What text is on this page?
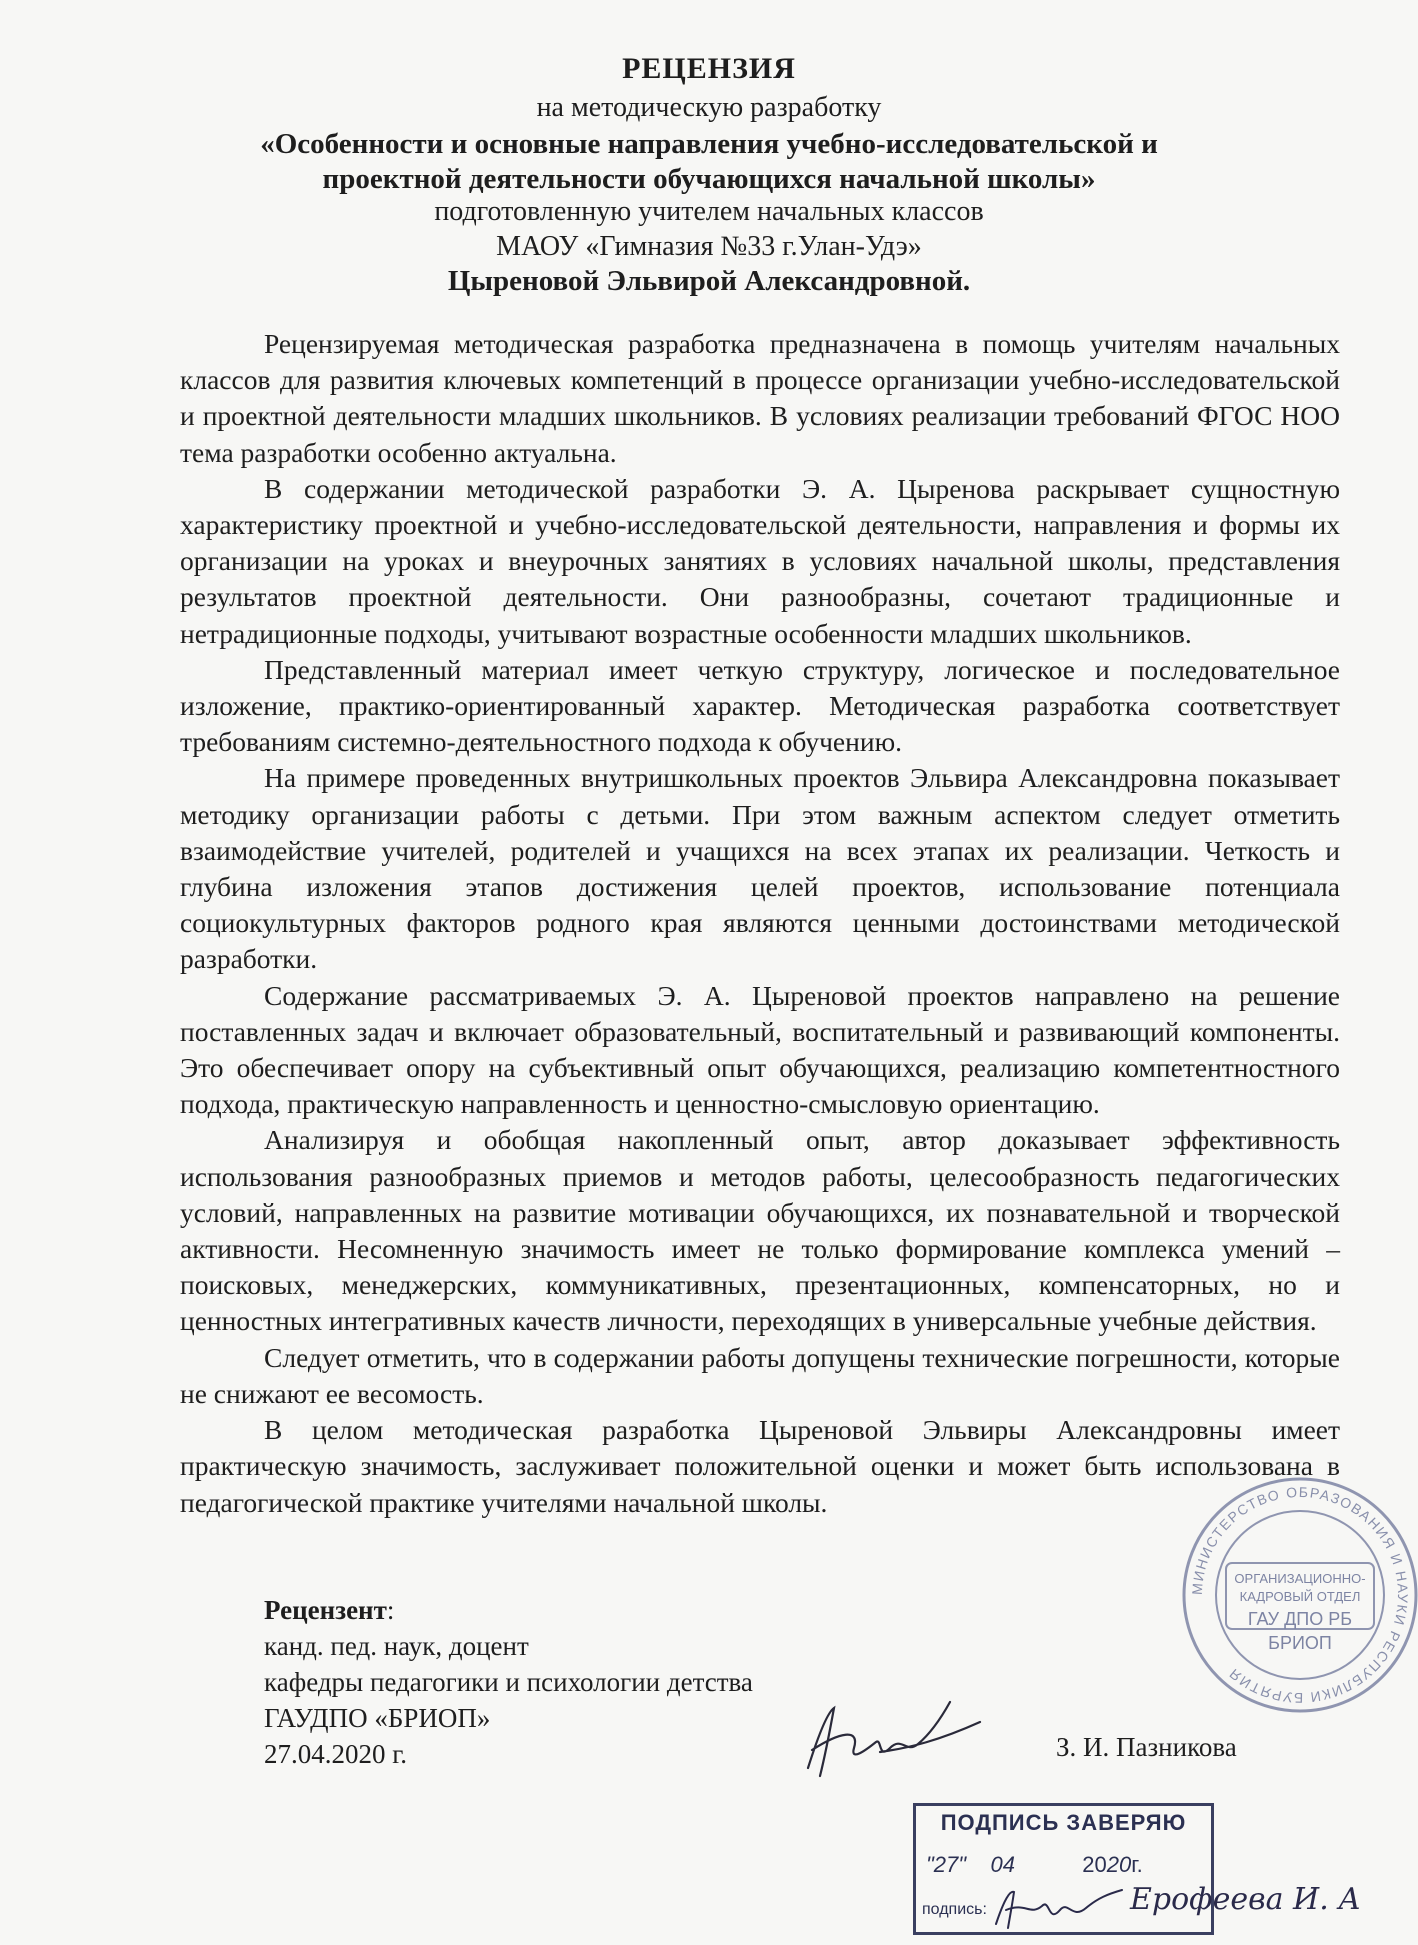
РЕЦЕНЗИЯ
на методическую разработку
«Особенности и основные направления учебно-исследовательской и
проектной деятельности обучающихся начальной школы»
подготовленную учителем начальных классов
МАОУ «Гимназия №33 г.Улан-Удэ»
Цыреновой Эльвирой Александровной.

Рецензируемая методическая разработка предназначена в помощь учителям начальных классов для развития ключевых компетенций в процессе организации учебно-исследовательской и проектной деятельности младших школьников. В условиях реализации требований ФГОС НОО тема разработки особенно актуальна.

В содержании методической разработки Э. А. Цыренова раскрывает сущностную характеристику проектной и учебно-исследовательской деятельности, направления и формы их организации на уроках и внеурочных занятиях в условиях начальной школы, представления результатов проектной деятельности. Они разнообразны, сочетают традиционные и нетрадиционные подходы, учитывают возрастные особенности младших школьников.

Представленный материал имеет четкую структуру, логическое и последовательное изложение, практико-ориентированный характер. Методическая разработка соответствует требованиям системно-деятельностного подхода к обучению.

На примере проведенных внутришкольных проектов Эльвира Александровна показывает методику организации работы с детьми. При этом важным аспектом следует отметить взаимодействие учителей, родителей и учащихся на всех этапах их реализации. Четкость и глубина изложения этапов достижения целей проектов, использование потенциала социокультурных факторов родного края являются ценными достоинствами методической разработки.

Содержание рассматриваемых Э. А. Цыреновой проектов направлено на решение поставленных задач и включает образовательный, воспитательный и развивающий компоненты. Это обеспечивает опору на субъективный опыт обучающихся, реализацию компетентностного подхода, практическую направленность и ценностно-смысловую ориентацию.

Анализируя и обобщая накопленный опыт, автор доказывает эффективность использования разнообразных приемов и методов работы, целесообразность педагогических условий, направленных на развитие мотивации обучающихся, их познавательной и творческой активности. Несомненную значимость имеет не только формирование комплекса умений – поисковых, менеджерских, коммуникативных, презентационных, компенсаторных, но и ценностных интегративных качеств личности, переходящих в универсальные учебные действия.

Следует отметить, что в содержании работы допущены технические погрешности, которые не снижают ее весомость.

В целом методическая разработка Цыреновой Эльвиры Александровны имеет практическую значимость, заслуживает положительной оценки и может быть использована в педагогической практике учителями начальной школы.

Рецензент:
канд. пед. наук, доцент
кафедры педагогики и психологии детства
ГАУДПО «БРИОП»
27.04.2020 г.	З. И. Пазникова
МИНИСТЕРСТВО ОБРАЗОВАНИЯ И НАУКИ РЕСПУБЛИКИ БУРЯТИЯ
ОРГАНИЗАЦИОННО-
КАДРОВЫЙ ОТДЕЛ
ГАУ ДПО РБ
БРИОП
ПОДПИСЬ ЗАВЕРЯЮ
"27" 04	2020г.
подпись:	Ерофеева И. А
